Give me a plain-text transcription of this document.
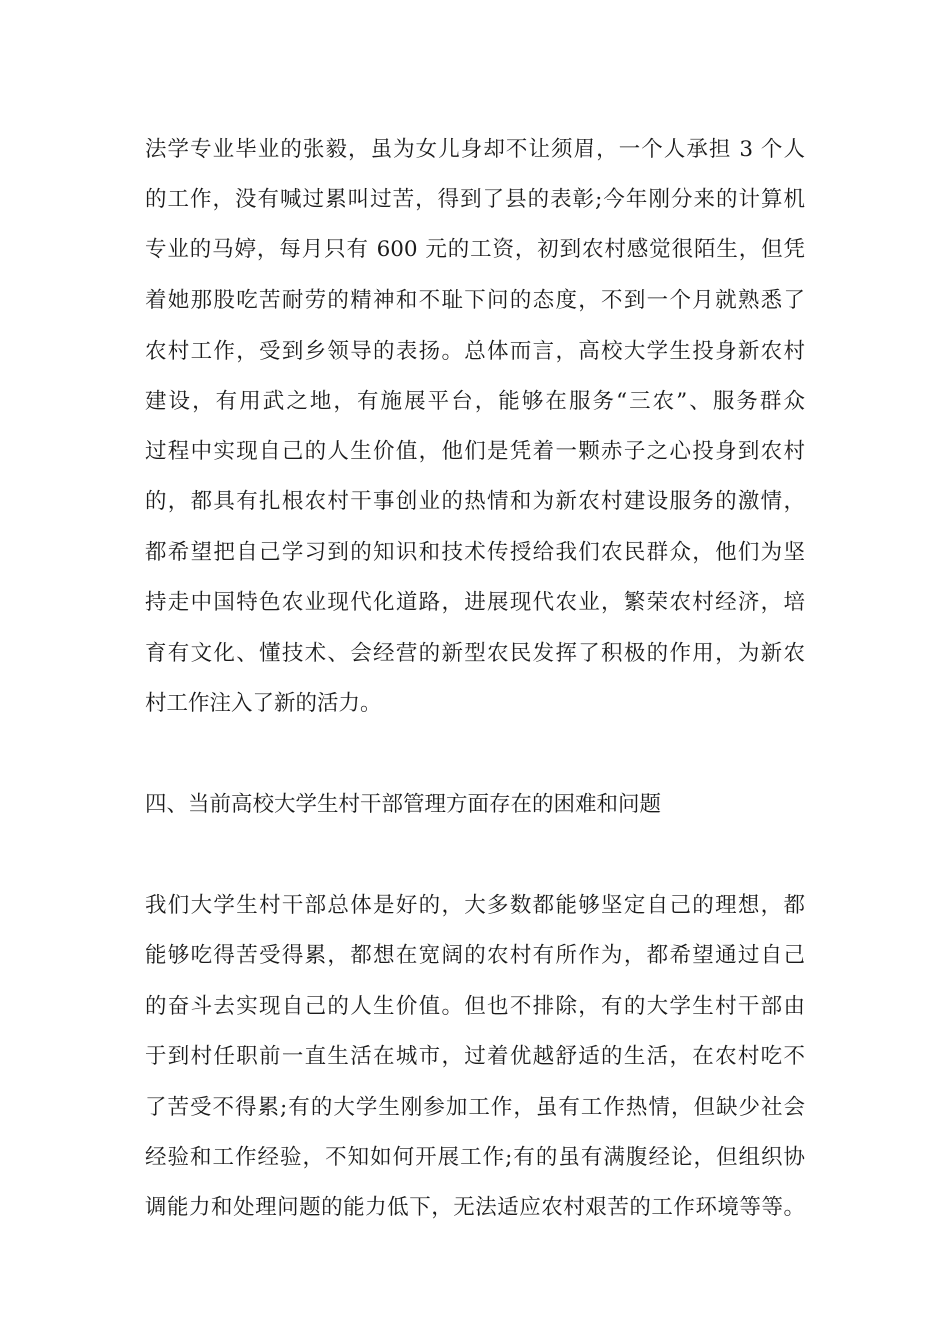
法学专业毕业的张毅，虽为女儿身却不让须眉，一个人承担 3 个人

的工作，没有喊过累叫过苦，得到了县的表彰;今年刚分来的计算机

专业的马婷，每月只有 600 元的工资，初到农村感觉很陌生，但凭

着她那股吃苦耐劳的精神和不耻下问的态度，不到一个月就熟悉了

农村工作，受到乡领导的表扬。总体而言，高校大学生投身新农村

建设，有用武之地，有施展平台，能够在服务“三农”、服务群众

过程中实现自己的人生价值，他们是凭着一颗赤子之心投身到农村

的，都具有扎根农村干事创业的热情和为新农村建设服务的激情，

都希望把自己学习到的知识和技术传授给我们农民群众，他们为坚

持走中国特色农业现代化道路，进展现代农业，繁荣农村经济，培

育有文化、懂技术、会经营的新型农民发挥了积极的作用，为新农

村工作注入了新的活力。

四、当前高校大学生村干部管理方面存在的困难和问题

我们大学生村干部总体是好的，大多数都能够坚定自己的理想，都

能够吃得苦受得累，都想在宽阔的农村有所作为，都希望通过自己

的奋斗去实现自己的人生价值。但也不排除，有的大学生村干部由

于到村任职前一直生活在城市，过着优越舒适的生活，在农村吃不

了苦受不得累;有的大学生刚参加工作，虽有工作热情，但缺少社会

经验和工作经验，不知如何开展工作;有的虽有满腹经论，但组织协

调能力和处理问题的能力低下，无法适应农村艰苦的工作环境等等。
